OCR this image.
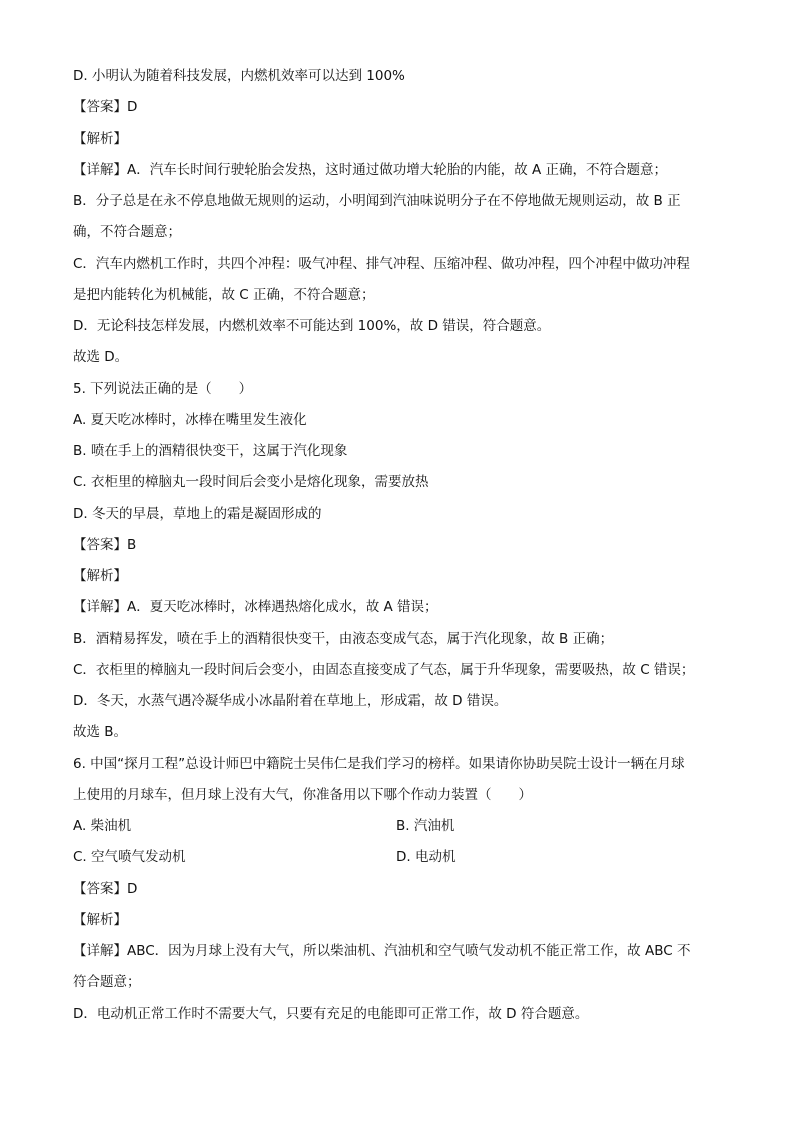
D. 小明认为随着科技发展，内燃机效率可以达到 100%
【答案】D
【解析】
【详解】A．汽车长时间行驶轮胎会发热，这时通过做功增大轮胎的内能，故 A 正确，不符合题意；
B．分子总是在永不停息地做无规则的运动，小明闻到汽油味说明分子在不停地做无规则运动，故 B 正
确，不符合题意；
C．汽车内燃机工作时，共四个冲程：吸气冲程、排气冲程、压缩冲程、做功冲程，四个冲程中做功冲程
是把内能转化为机械能，故 C 正确，不符合题意；
D．无论科技怎样发展，内燃机效率不可能达到 100%，故 D 错误，符合题意。
故选 D。
5. 下列说法正确的是（　　）
A. 夏天吃冰棒时，冰棒在嘴里发生液化
B. 喷在手上的酒精很快变干，这属于汽化现象
C. 衣柜里的樟脑丸一段时间后会变小是熔化现象，需要放热
D. 冬天的早晨，草地上的霜是凝固形成的
【答案】B
【解析】
【详解】A．夏天吃冰棒时，冰棒遇热熔化成水，故 A 错误；
B．酒精易挥发，喷在手上的酒精很快变干，由液态变成气态，属于汽化现象，故 B 正确；
C．衣柜里的樟脑丸一段时间后会变小，由固态直接变成了气态，属于升华现象，需要吸热，故 C 错误；
D．冬天，水蒸气遇冷凝华成小冰晶附着在草地上，形成霜，故 D 错误。
故选 B。
6. 中国“探月工程”总设计师巴中籍院士吴伟仁是我们学习的榜样。如果请你协助吴院士设计一辆在月球
上使用的月球车，但月球上没有大气，你准备用以下哪个作动力装置（　　）
A. 柴油机	B. 汽油机
C. 空气喷气发动机	D. 电动机
【答案】D
【解析】
【详解】ABC．因为月球上没有大气，所以柴油机、汽油机和空气喷气发动机不能正常工作，故 ABC 不
符合题意；
D．电动机正常工作时不需要大气，只要有充足的电能即可正常工作，故 D 符合题意。
